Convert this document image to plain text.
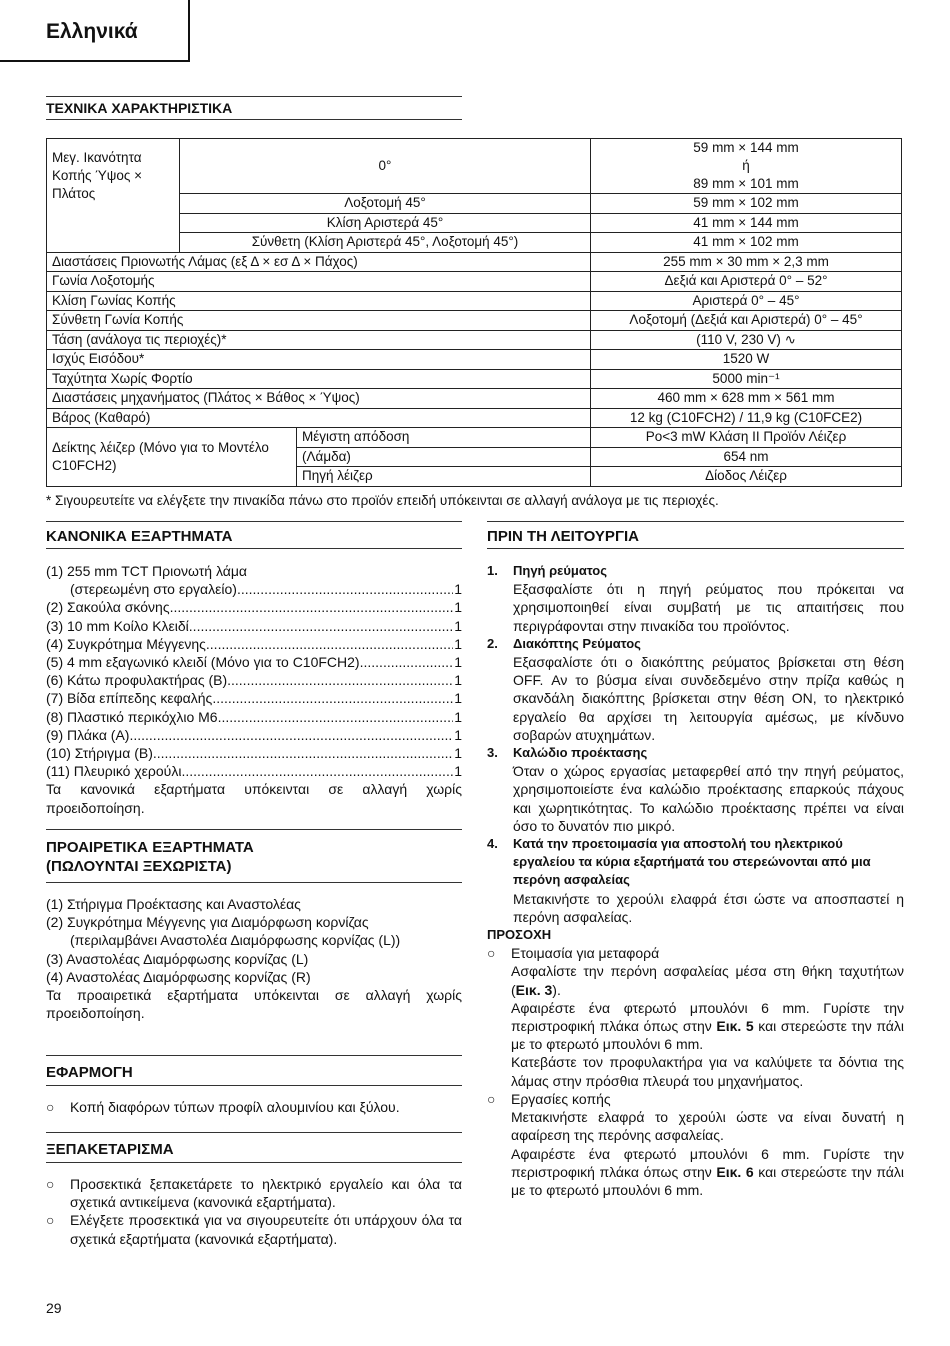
Ελληνικά
ΤΕΧΝΙΚΑ ΧΑΡΑΚΤΗΡΙΣΤΙΚΑ
Μεγ. Ικανότητα Κοπής Ύψος × Πλάτος	0°		59 mm × 144 mm
ή
89 mm × 101 mm

	Λοξοτομή 45°		59 mm × 102 mm
	Κλίση Αριστερά 45°		41 mm × 144 mm
	Σύνθετη (Κλίση Αριστερά 45°, Λοξοτομή 45°)		41 mm × 102 mm
Διαστάσεις Πριονωτής Λάμας (εξ Δ × εσ Δ × Πάχος)			255 mm × 30 mm × 2,3 mm
Γωνία Λοξοτομής			Δεξιά και Αριστερά 0° – 52°
Κλίση Γωνίας Κοπής			Αριστερά 0° – 45°
Σύνθετη Γωνία Κοπής			Λοξοτομή (Δεξιά και Αριστερά) 0° – 45°
Τάση (ανάλογα τις περιοχές)*			(110 V, 230 V) ∿
Ισχύς Εισόδου*			1520 W
Ταχύτητα Χωρίς Φορτίο			5000 min⁻¹
Διαστάσεις μηχανήματος (Πλάτος × Βάθος × Ύψος)			460 mm × 628 mm × 561 mm
Βάρος (Καθαρό)			12 kg (C10FCH2) / 11,9 kg (C10FCE2)
Δείκτης λέιζερ (Μόνο για το Μοντέλο C10FCH2)		Μέγιστη απόδοση	Po<3 mW Κλάση II Προϊόν Λέιζερ
		(Λάμδα)	654 nm
		Πηγή λέιζερ	Δίοδος Λέιζερ
* Σιγουρευτείτε να ελέγξετε την πινακίδα πάνω στο προϊόν επειδή υπόκεινται σε αλλαγή ανάλογα με τις περιοχές.
ΚΑΝΟΝΙΚΑ ΕΞΑΡΤΗΜΑΤΑ
(1) 255 mm TCT Πριονωτή λάμα
(στερεωμένη στο εργαλείο) .....	1
(2) Σακούλα σκόνης .....	1
(3) 10 mm Κοίλο Κλειδί .....	1
(4) Συγκρότημα Μέγγενης .....	1
(5) 4 mm εξαγωνικό κλειδί (Μόνο για το C10FCH2) .....	1
(6) Κάτω προφυλακτήρας (B) .....	1
(7) Βίδα επίπεδης κεφαλής .....	1
(8) Πλαστικό περικόχλιο M6 .....	1
(9) Πλάκα (A) .....	1
(10) Στήριγμα (B) .....	1
(11) Πλευρικό χερούλι .....	1
Τα κανονικά εξαρτήματα υπόκεινται σε αλλαγή χωρίς προειδοποίηση.
ΠΡΟΑΙΡΕΤΙΚΑ ΕΞΑΡΤΗΜΑΤΑ
(ΠΩΛΟΥΝΤΑΙ ΞΕΧΩΡΙΣΤΑ)
(1) Στήριγμα Προέκτασης και Αναστολέας
(2) Συγκρότημα Μέγγενης για Διαμόρφωση κορνίζας
(περιλαμβάνει Αναστολέα Διαμόρφωσης κορνίζας (L))
(3) Αναστολέας Διαμόρφωσης κορνίζας (L)
(4) Αναστολέας Διαμόρφωσης κορνίζας (R)
Τα προαιρετικά εξαρτήματα υπόκεινται σε αλλαγή χωρίς προειδοποίηση.
ΕΦΑΡΜΟΓΗ
○	Κοπή διαφόρων τύπων προφίλ αλουμινίου και ξύλου.
ΞΕΠΑΚΕΤΑΡΙΣΜΑ
○	Προσεκτικά ξεπακετάρετε το ηλεκτρικό εργαλείο και όλα τα σχετικά αντικείμενα (κανονικά εξαρτήματα).
○	Ελέγξετε προσεκτικά για να σιγουρευτείτε ότι υπάρχουν όλα τα σχετικά εξαρτήματα (κανονικά εξαρτήματα).
ΠΡΙΝ ΤΗ ΛΕΙΤΟΥΡΓΙΑ
1.	Πηγή ρεύματος
Εξασφαλίστε ότι η πηγή ρεύματος που πρόκειται να χρησιμοποιηθεί είναι συμβατή με τις απαιτήσεις που περιγράφονται στην πινακίδα του προϊόντος.
2.	Διακόπτης Ρεύματος
Εξασφαλίστε ότι ο διακόπτης ρεύματος βρίσκεται στη θέση OFF. Αν το βύσμα είναι συνδεδεμένο στην πρίζα καθώς η σκανδάλη διακόπτης βρίσκεται στην θέση ON, το ηλεκτρικό εργαλείο θα αρχίσει τη λειτουργία αμέσως, με κίνδυνο σοβαρών ατυχημάτων.
3.	Καλώδιο προέκτασης
Όταν ο χώρος εργασίας μεταφερθεί από την πηγή ρεύματος, χρησιμοποιείστε ένα καλώδιο προέκτασης επαρκούς πάχους και χωρητικότητας. Το καλώδιο προέκτασης πρέπει να είναι όσο το δυνατόν πιο μικρό.
4.	Κατά την προετοιμασία για αποστολή του ηλεκτρικού εργαλείου τα κύρια εξαρτήματά του στερεώνονται από μια περόνη ασφαλείας
Μετακινήστε το χερούλι ελαφρά έτσι ώστε να αποσπαστεί η περόνη ασφαλείας.
ΠΡΟΣΟΧΗ
○	Ετοιμασία για μεταφορά
Ασφαλίστε την περόνη ασφαλείας μέσα στη θήκη ταχυτήτων (Εικ. 3).
Αφαιρέστε ένα φτερωτό μπουλόνι 6 mm. Γυρίστε την περιστροφική πλάκα όπως στην Εικ. 5 και στερεώστε την πάλι με το φτερωτό μπουλόνι 6 mm.
Κατεβάστε τον προφυλακτήρα για να καλύψετε τα δόντια της λάμας στην πρόσθια πλευρά του μηχανήματος.
○	Εργασίες κοπής
Μετακινήστε ελαφρά το χερούλι ώστε να είναι δυνατή η αφαίρεση της περόνης ασφαλείας.
Αφαιρέστε ένα φτερωτό μπουλόνι 6 mm. Γυρίστε την περιστροφική πλάκα όπως στην Εικ. 6 και στερεώστε την πάλι με το φτερωτό μπουλόνι 6 mm.
29
